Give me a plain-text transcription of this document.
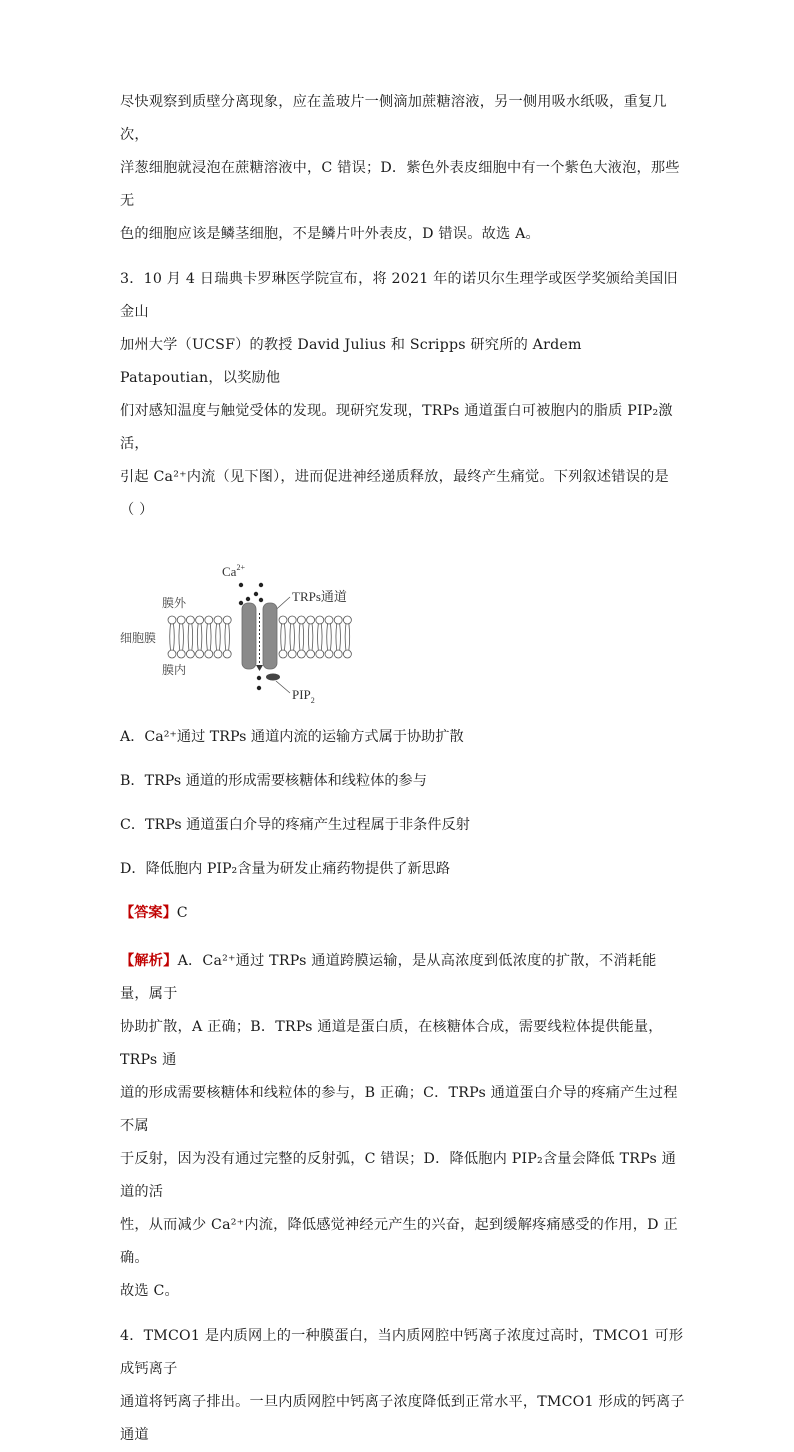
尽快观察到质壁分离现象，应在盖玻片一侧滴加蔗糖溶液，另一侧用吸水纸吸，重复几次，

洋葱细胞就浸泡在蔗糖溶液中，C 错误；D．紫色外表皮细胞中有一个紫色大液泡，那些无

色的细胞应该是鳞茎细胞，不是鳞片叶外表皮，D 错误。故选 A。

3．10 月 4 日瑞典卡罗琳医学院宣布，将 2021 年的诺贝尔生理学或医学奖颁给美国旧金山

加州大学（UCSF）的教授 David Julius 和 Scripps 研究所的 Ardem Patapoutian，以奖励他

们对感知温度与触觉受体的发现。现研究发现，TRPs 通道蛋白可被胞内的脂质 PIP₂激活，

引起 Ca²⁺内流（见下图），进而促进神经递质释放，最终产生痛觉。下列叙述错误的是

（ ）

$Ca^{2+}$
膜外
细胞膜
膜内
TRPs通道
$PIP_2$

A．Ca²⁺通过 TRPs 通道内流的运输方式属于协助扩散

B．TRPs 通道的形成需要核糖体和线粒体的参与

C．TRPs 通道蛋白介导的疼痛产生过程属于非条件反射

D．降低胞内 PIP₂含量为研发止痛药物提供了新思路

【答案】C

【解析】A．Ca²⁺通过 TRPs 通道跨膜运输，是从高浓度到低浓度的扩散，不消耗能量，属于

协助扩散，A 正确；B．TRPs 通道是蛋白质，在核糖体合成，需要线粒体提供能量，TRPs 通

道的形成需要核糖体和线粒体的参与，B 正确；C．TRPs 通道蛋白介导的疼痛产生过程不属

于反射，因为没有通过完整的反射弧，C 错误；D．降低胞内 PIP₂含量会降低 TRPs 通道的活

性，从而减少 Ca²⁺内流，降低感觉神经元产生的兴奋，起到缓解疼痛感受的作用，D 正确。

故选 C。

4．TMCO1 是内质网上的一种膜蛋白，当内质网腔中钙离子浓度过高时，TMCO1 可形成钙离子

通道将钙离子排出。一旦内质网腔中钙离子浓度降低到正常水平，TMCO1 形成的钙离子通道
